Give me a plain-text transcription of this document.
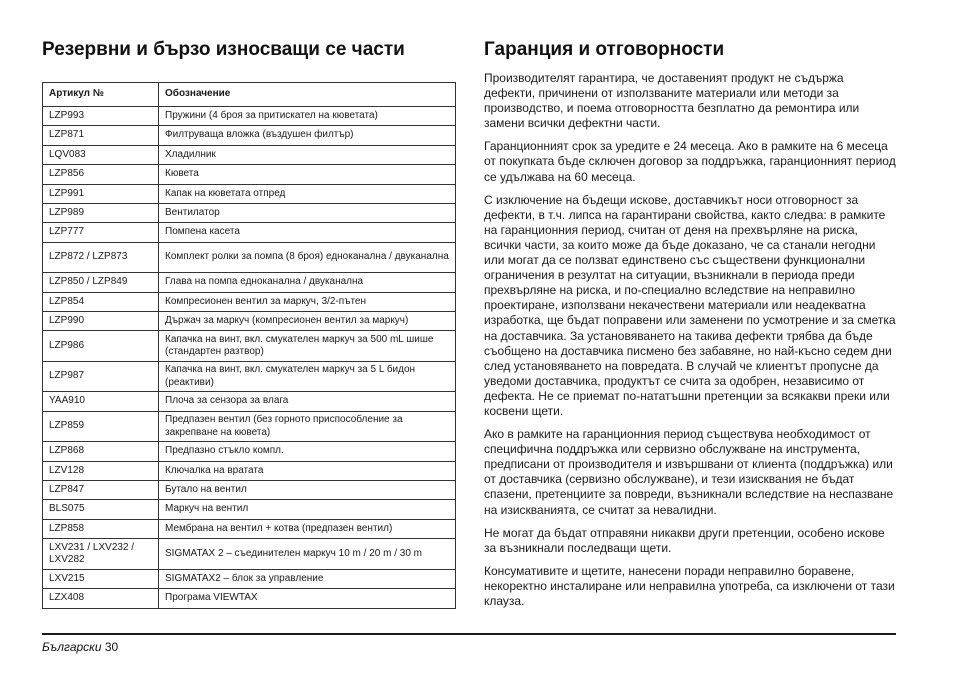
Резервни и бързо износващи се части
Артикул №	Обозначение
LZP993	Пружини (4 броя за притискател на кюветата)
LZP871	Филтруваща вложка (въздушен филтър)
LQV083	Хладилник
LZP856	Кювета
LZP991	Капак на кюветата отпред
LZP989	Вентилатор
LZP777	Помпена касета
LZP872 / LZP873	Комплект ролки за помпа (8 броя) едноканална / двуканална
LZP850 / LZP849	Глава на помпа едноканална / двуканална
LZP854	Компресионен вентил за маркуч, 3/2-пътен
LZP990	Държач за маркуч (компресионен вентил за маркуч)
LZP986	Капачка на винт, вкл. смукателен маркуч за 500 mL шише (стандартен разтвор)
LZP987	Капачка на винт, вкл. смукателен маркуч за 5 L бидон (реактиви)
YAA910	Плоча за сензора за влага
LZP859	Предпазен вентил (без горното приспособление за закрепване на кювета)
LZP868	Предпазно стъкло компл.
LZV128	Ключалка на вратата
LZP847	Бутало на вентил
BLS075	Маркуч на вентил
LZP858	Мембрана на вентил + котва (предпазен вентил)
LXV231 / LXV232 / LXV282	SIGMATAX 2 – съединителен маркуч 10 m / 20 m / 30 m
LXV215	SIGMATAX2 – блок за управление
LZX408	Програма VIEWTAX
Гаранция и отговорности

Производителят гарантира, че доставеният продукт не съдържа дефекти, причинени от използваните материали или методи за производство, и поема отговорността безплатно да ремонтира или замени всички дефектни части.

Гаранционният срок за уредите е 24 месеца. Ако в рамките на 6 месеца от покупката бъде сключен договор за поддръжка, гаранционният период се удължава на 60 месеца.

С изключение на бъдещи искове, доставчикът носи отговорност за дефекти, в т.ч. липса на гарантирани свойства, както следва: в рамките на гаранционния период, считан от деня на прехвърляне на риска, всички части, за които може да бъде доказано, че са станали негодни или могат да се ползват единствено със съществени функционални ограничения в резултат на ситуации, възникнали в периода преди прехвърляне на риска, и по-специално вследствие на неправилно проектиране, използвани некачествени материали или неадекватна изработка, ще бъдат поправени или заменени по усмотрение и за сметка на доставчика. За установяването на такива дефекти трябва да бъде съобщено на доставчика писмено без забавяне, но най-късно седем дни след установяването на повредата. В случай че клиентът пропусне да уведоми доставчика, продуктът се счита за одобрен, независимо от дефекта. Не се приемат по-нататъшни претенции за всякакви преки или косвени щети.

Ако в рамките на гаранционния период съществува необходимост от специфична поддръжка или сервизно обслужване на инструмента, предписани от производителя и извършвани от клиента (поддръжка) или от доставчика (сервизно обслужване), и тези изисквания не бъдат спазени, претенциите за повреди, възникнали вследствие на неспазване на изискванията, се считат за невалидни.

Не могат да бъдат отправяни никакви други претенции, особено искове за възникнали последващи щети.

Консумативите и щетите, нанесени поради неправилно боравене, некоректно инсталиране или неправилна употреба, са изключени от тази клауза.

Български 30
